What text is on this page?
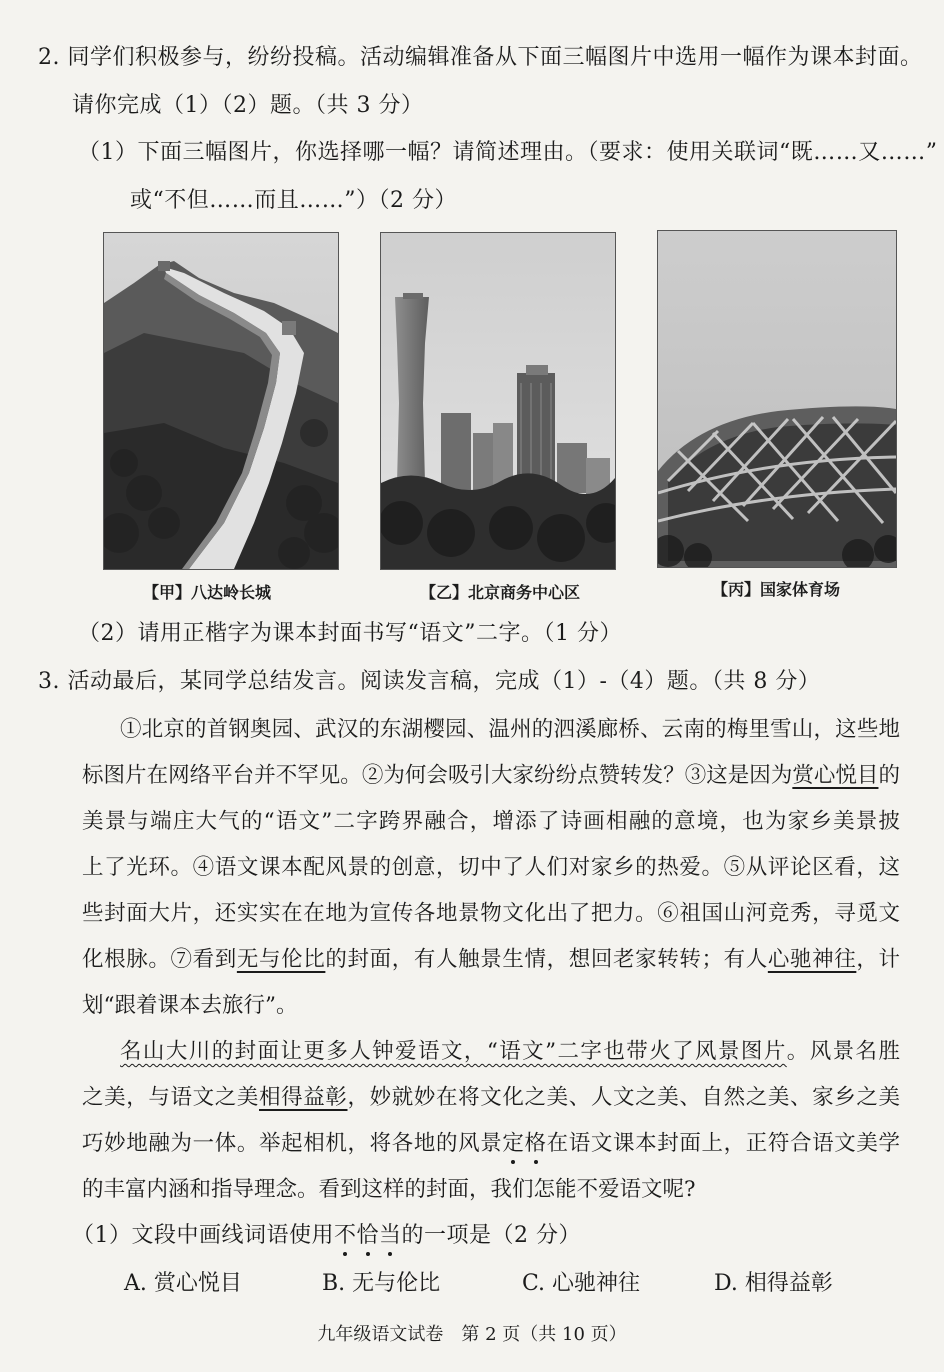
2. 同学们积极参与，纷纷投稿。活动编辑准备从下面三幅图片中选用一幅作为课本封面。
请你完成（1）（2）题。（共 3 分）
（1）下面三幅图片，你选择哪一幅？请简述理由。（要求：使用关联词“既……又……”
或“不但……而且……”）（2 分）
【甲】八达岭长城	【乙】北京商务中心区	【丙】国家体育场
（2）请用正楷字为课本封面书写“语文”二字。（1 分）
3. 活动最后，某同学总结发言。阅读发言稿，完成（1）-（4）题。（共 8 分）
①北京的首钢奥园、武汉的东湖樱园、温州的泗溪廊桥、云南的梅里雪山，这些地
标图片在网络平台并不罕见。②为何会吸引大家纷纷点赞转发？③这是因为赏心悦目的
美景与端庄大气的“语文”二字跨界融合，增添了诗画相融的意境，也为家乡美景披
上了光环。④语文课本配风景的创意，切中了人们对家乡的热爱。⑤从评论区看，这
些封面大片，还实实在在地为宣传各地景物文化出了把力。⑥祖国山河竞秀，寻觅文
化根脉。⑦看到无与伦比的封面，有人触景生情，想回老家转转；有人心驰神往，计
划“跟着课本去旅行”。
名山大川的封面让更多人钟爱语文，“语文”二字也带火了风景图片。风景名胜
之美，与语文之美相得益彰，妙就妙在将文化之美、人文之美、自然之美、家乡之美
巧妙地融为一体。举起相机，将各地的风景定格在语文课本封面上，正符合语文美学
的丰富内涵和指导理念。看到这样的封面，我们怎能不爱语文呢?
（1）文段中画线词语使用不恰当的一项是（2 分）
A. 赏心悦目	B. 无与伦比	C. 心驰神往	D. 相得益彰
九年级语文试卷　第 2 页（共 10 页）
